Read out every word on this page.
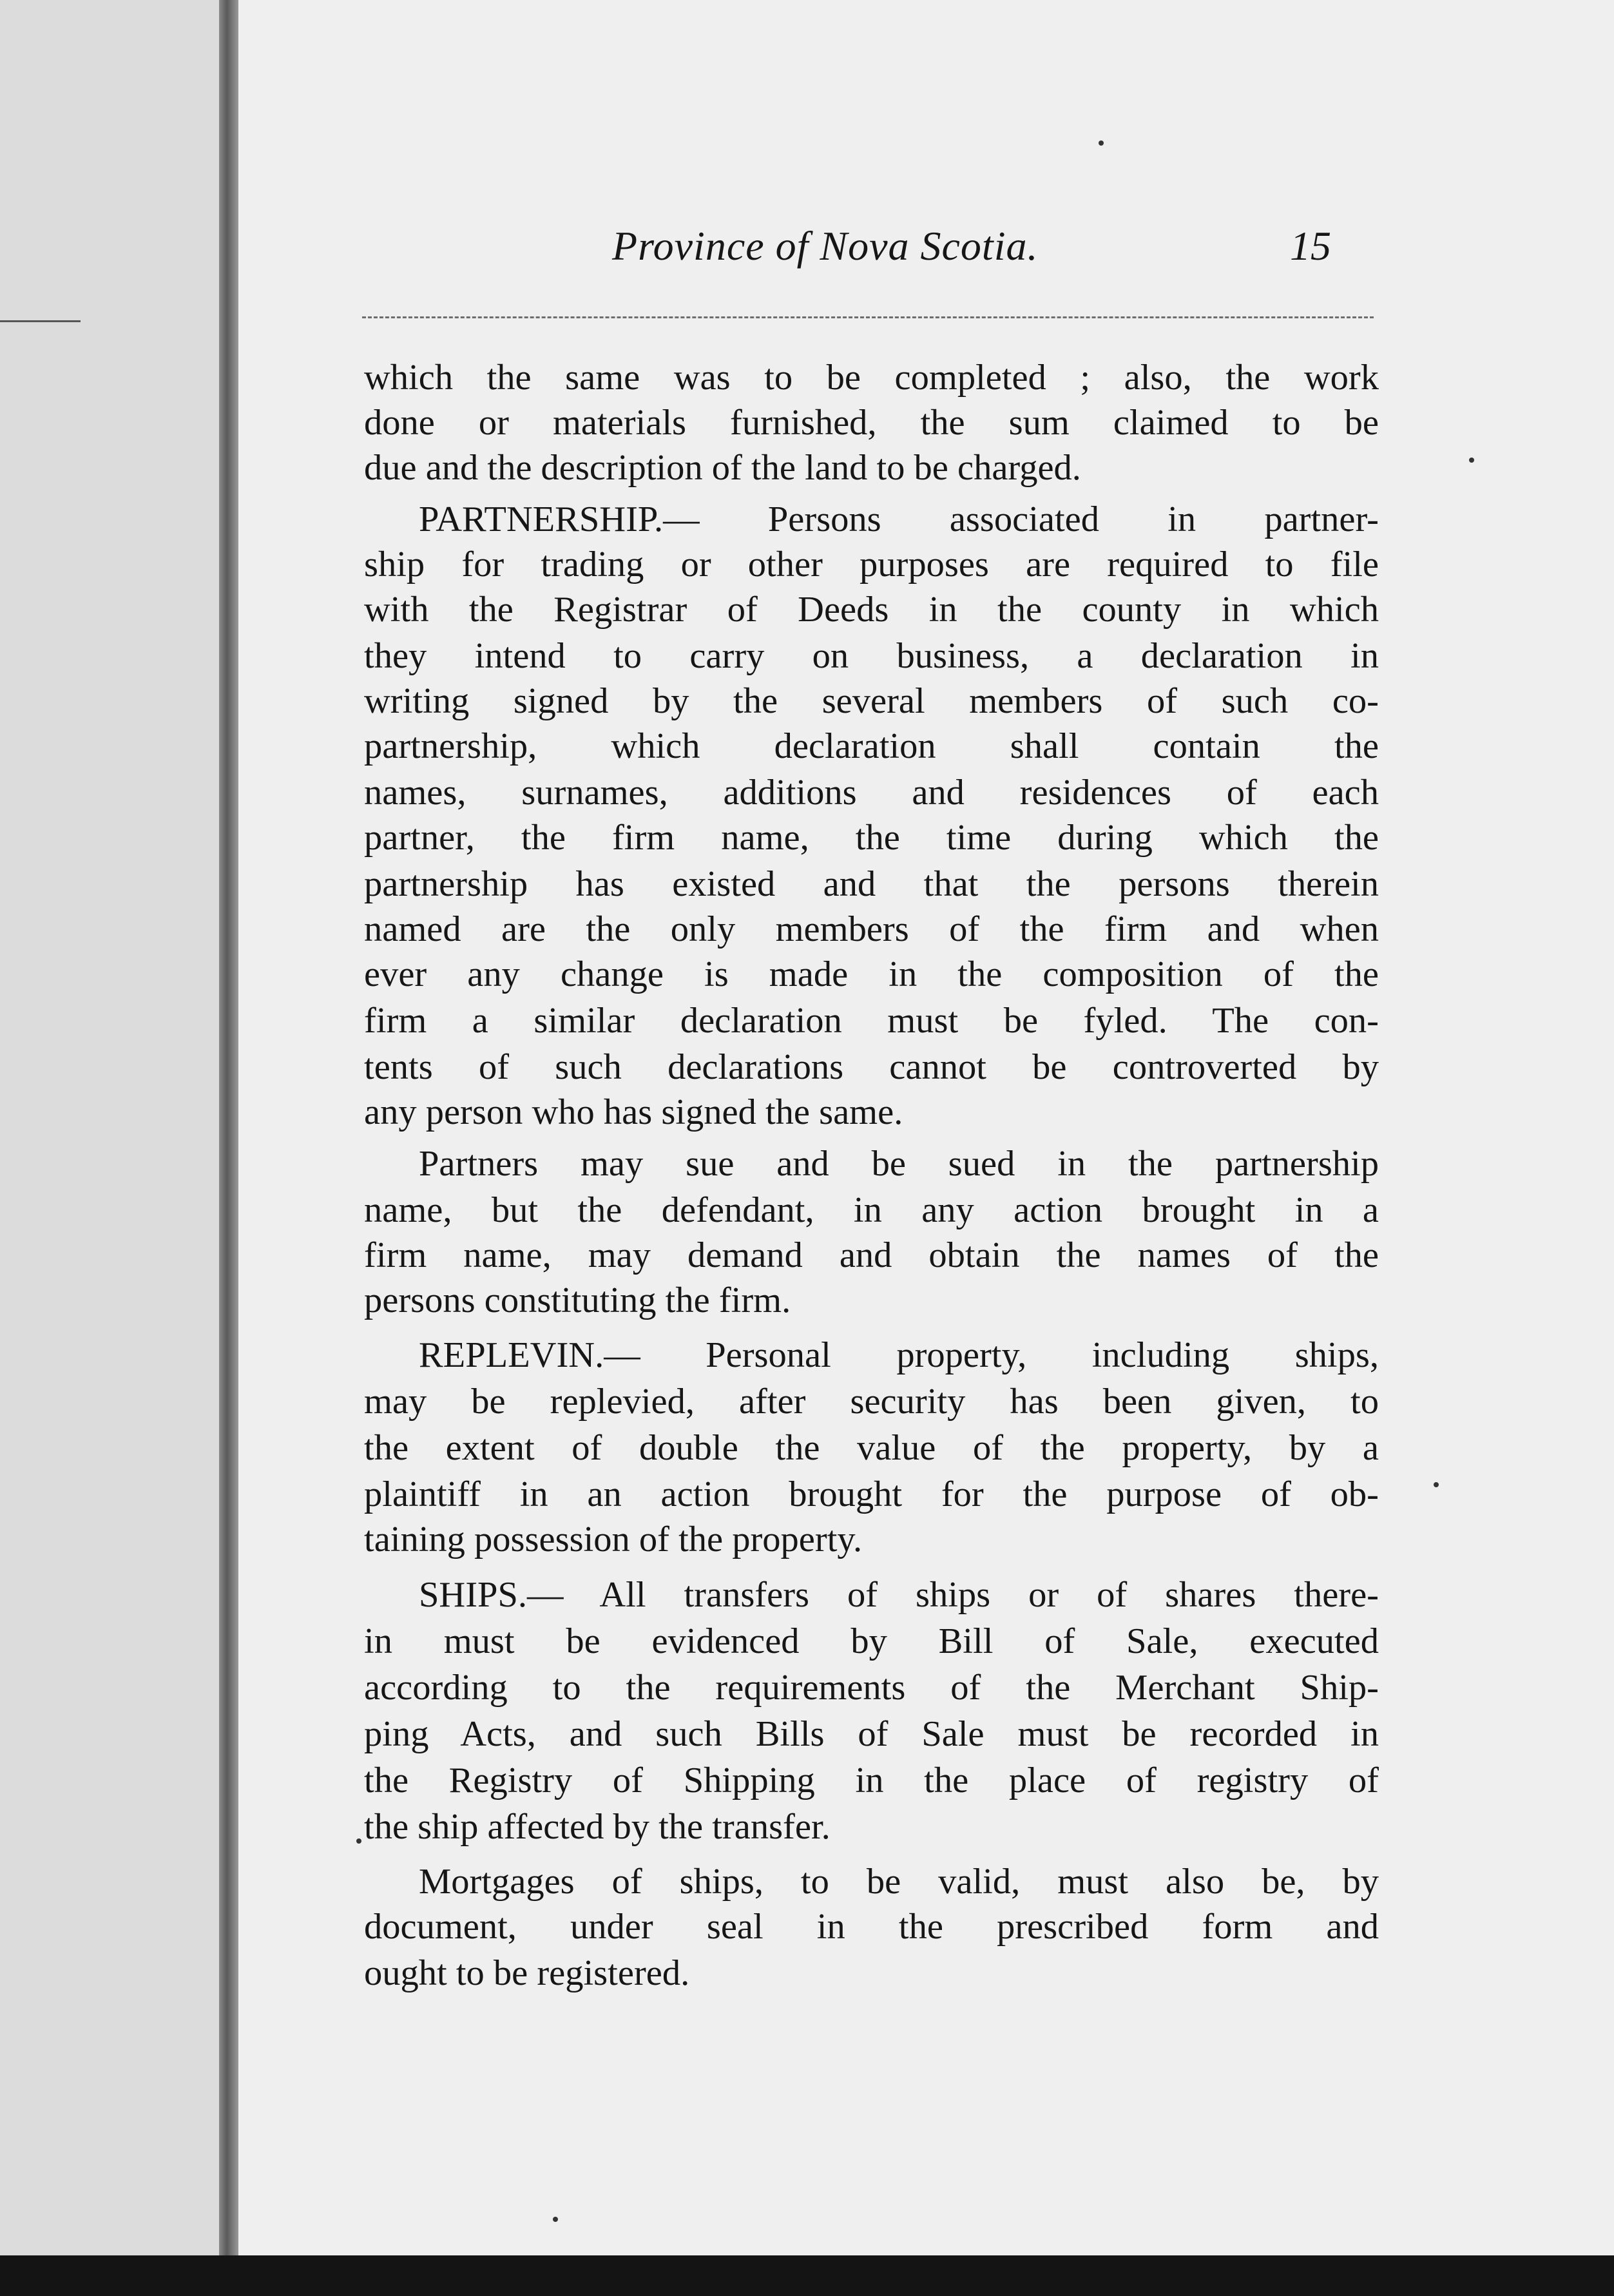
Province of Nova Scotia.	15
which the same was to be completed ; also, the work
done or materials furnished, the sum claimed to be
due and the description of the land to be charged.
PARTNERSHIP.— Persons associated in partner-
ship for trading or other purposes are required to file
with the Registrar of Deeds in the county in which
they intend to carry on business, a declaration in
writing signed by the several members of such co-
partnership, which declaration shall contain the
names, surnames, additions and residences of each
partner, the firm name, the time during which the
partnership has existed and that the persons therein
named are the only members of the firm and when
ever any change is made in the composition of the
firm a similar declaration must be fyled. The con-
tents of such declarations cannot be controverted by
any person who has signed the same.
Partners may sue and be sued in the partnership
name, but the defendant, in any action brought in a
firm name, may demand and obtain the names of the
persons constituting the firm.
REPLEVIN.— Personal property, including ships,
may be replevied, after security has been given, to
the extent of double the value of the property, by a
plaintiff in an action brought for the purpose of ob-
taining possession of the property.
SHIPS.— All transfers of ships or of shares there-
in must be evidenced by Bill of Sale, executed
according to the requirements of the Merchant Ship-
ping Acts, and such Bills of Sale must be recorded in
the Registry of Shipping in the place of registry of
the ship affected by the transfer.
Mortgages of ships, to be valid, must also be, by
document, under seal in the prescribed form and
ought to be registered.
